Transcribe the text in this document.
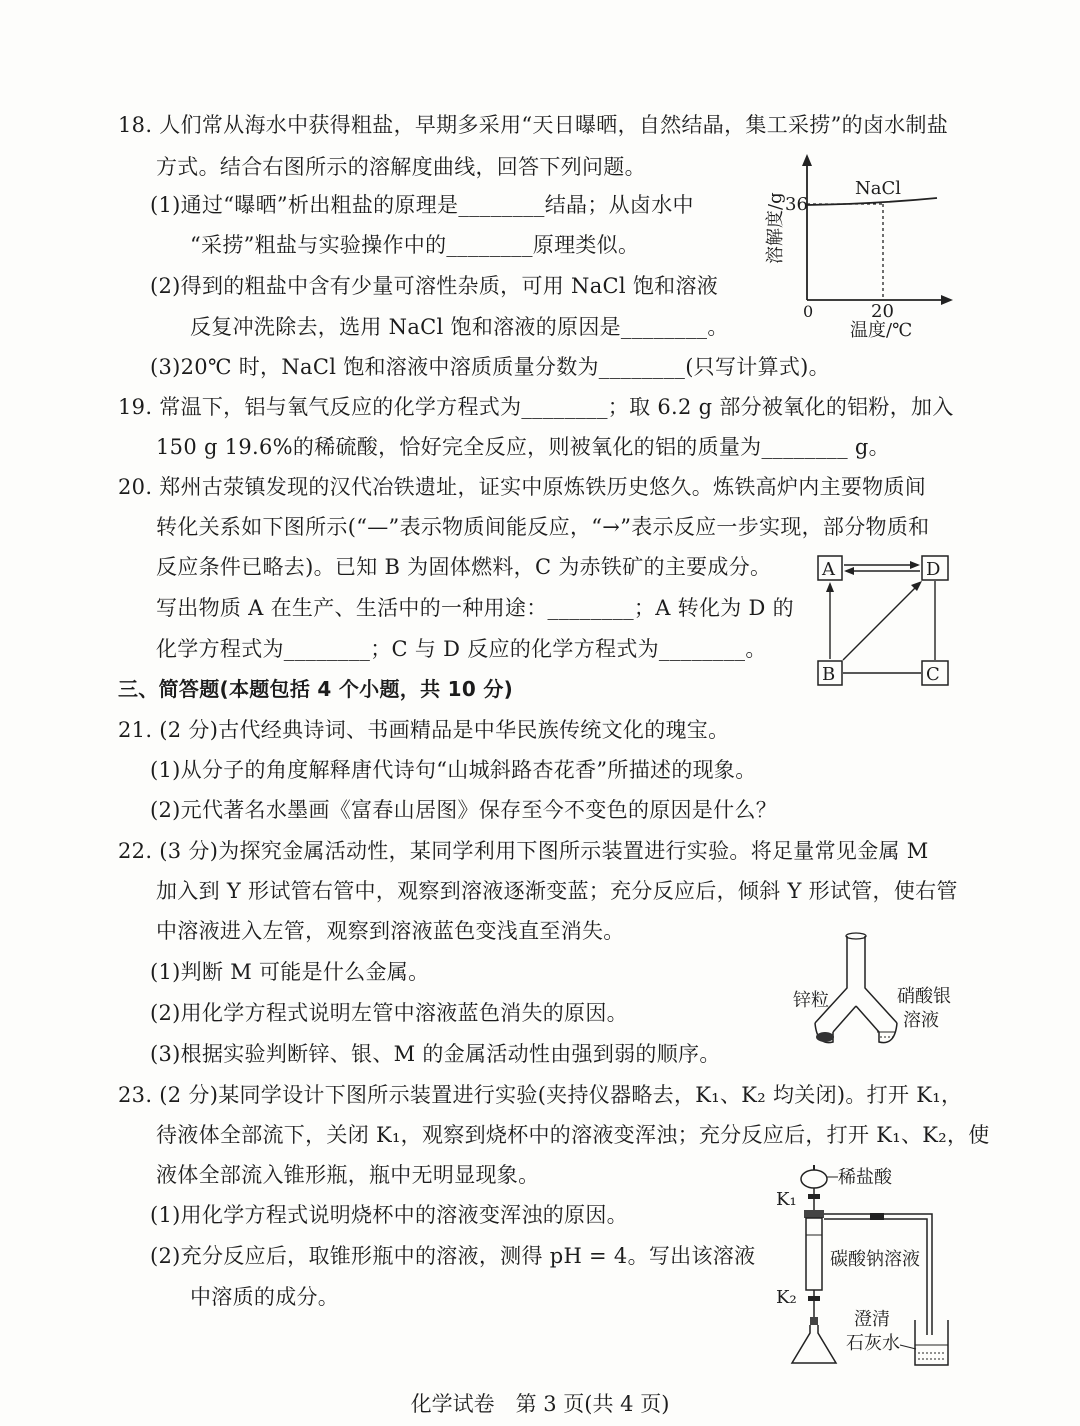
18. 人们常从海水中获得粗盐，早期多采用“天日曝晒，自然结晶，集工采捞”的卤水制盐
方式。结合右图所示的溶解度曲线，回答下列问题。
(1)通过“曝晒”析出粗盐的原理是________结晶；从卤水中
“采捞”粗盐与实验操作中的________原理类似。
(2)得到的粗盐中含有少量可溶性杂质，可用 NaCl 饱和溶液
反复冲洗除去，选用 NaCl 饱和溶液的原因是________。
(3)20℃ 时，NaCl 饱和溶液中溶质质量分数为________(只写计算式)。
NaCl
36
0	20
温度/℃
溶解度/g
19. 常温下，铝与氧气反应的化学方程式为________；取 6.2 g 部分被氧化的铝粉，加入
150 g 19.6%的稀硫酸，恰好完全反应，则被氧化的铝的质量为________ g。
20. 郑州古荥镇发现的汉代冶铁遗址，证实中原炼铁历史悠久。炼铁高炉内主要物质间
转化关系如下图所示(“—”表示物质间能反应，“→”表示反应一步实现，部分物质和
反应条件已略去)。已知 B 为固体燃料，C 为赤铁矿的主要成分。
写出物质 A 在生产、生活中的一种用途：________；A 转化为 D 的
化学方程式为________；C 与 D 反应的化学方程式为________。
A	D
B	C
三、简答题(本题包括 4 个小题，共 10 分)
21. (2 分)古代经典诗词、书画精品是中华民族传统文化的瑰宝。
(1)从分子的角度解释唐代诗句“山城斜路杏花香”所描述的现象。
(2)元代著名水墨画《富春山居图》保存至今不变色的原因是什么？
22. (3 分)为探究金属活动性，某同学利用下图所示装置进行实验。将足量常见金属 M
加入到 Y 形试管右管中，观察到溶液逐渐变蓝；充分反应后，倾斜 Y 形试管，使右管
中溶液进入左管，观察到溶液蓝色变浅直至消失。
(1)判断 M 可能是什么金属。
(2)用化学方程式说明左管中溶液蓝色消失的原因。
(3)根据实验判断锌、银、M 的金属活动性由强到弱的顺序。
锌粒	硝酸银
溶液
23. (2 分)某同学设计下图所示装置进行实验(夹持仪器略去，K₁、K₂ 均关闭)。打开 K₁，
待液体全部流下，关闭 K₁，观察到烧杯中的溶液变浑浊；充分反应后，打开 K₁、K₂，使
液体全部流入锥形瓶，瓶中无明显现象。
(1)用化学方程式说明烧杯中的溶液变浑浊的原因。
(2)充分反应后，取锥形瓶中的溶液，测得 pH = 4。写出该溶液
中溶质的成分。
稀盐酸
K₁
碳酸钠溶液
K₂
澄清
石灰水
化学试卷　第 3 页(共 4 页)
